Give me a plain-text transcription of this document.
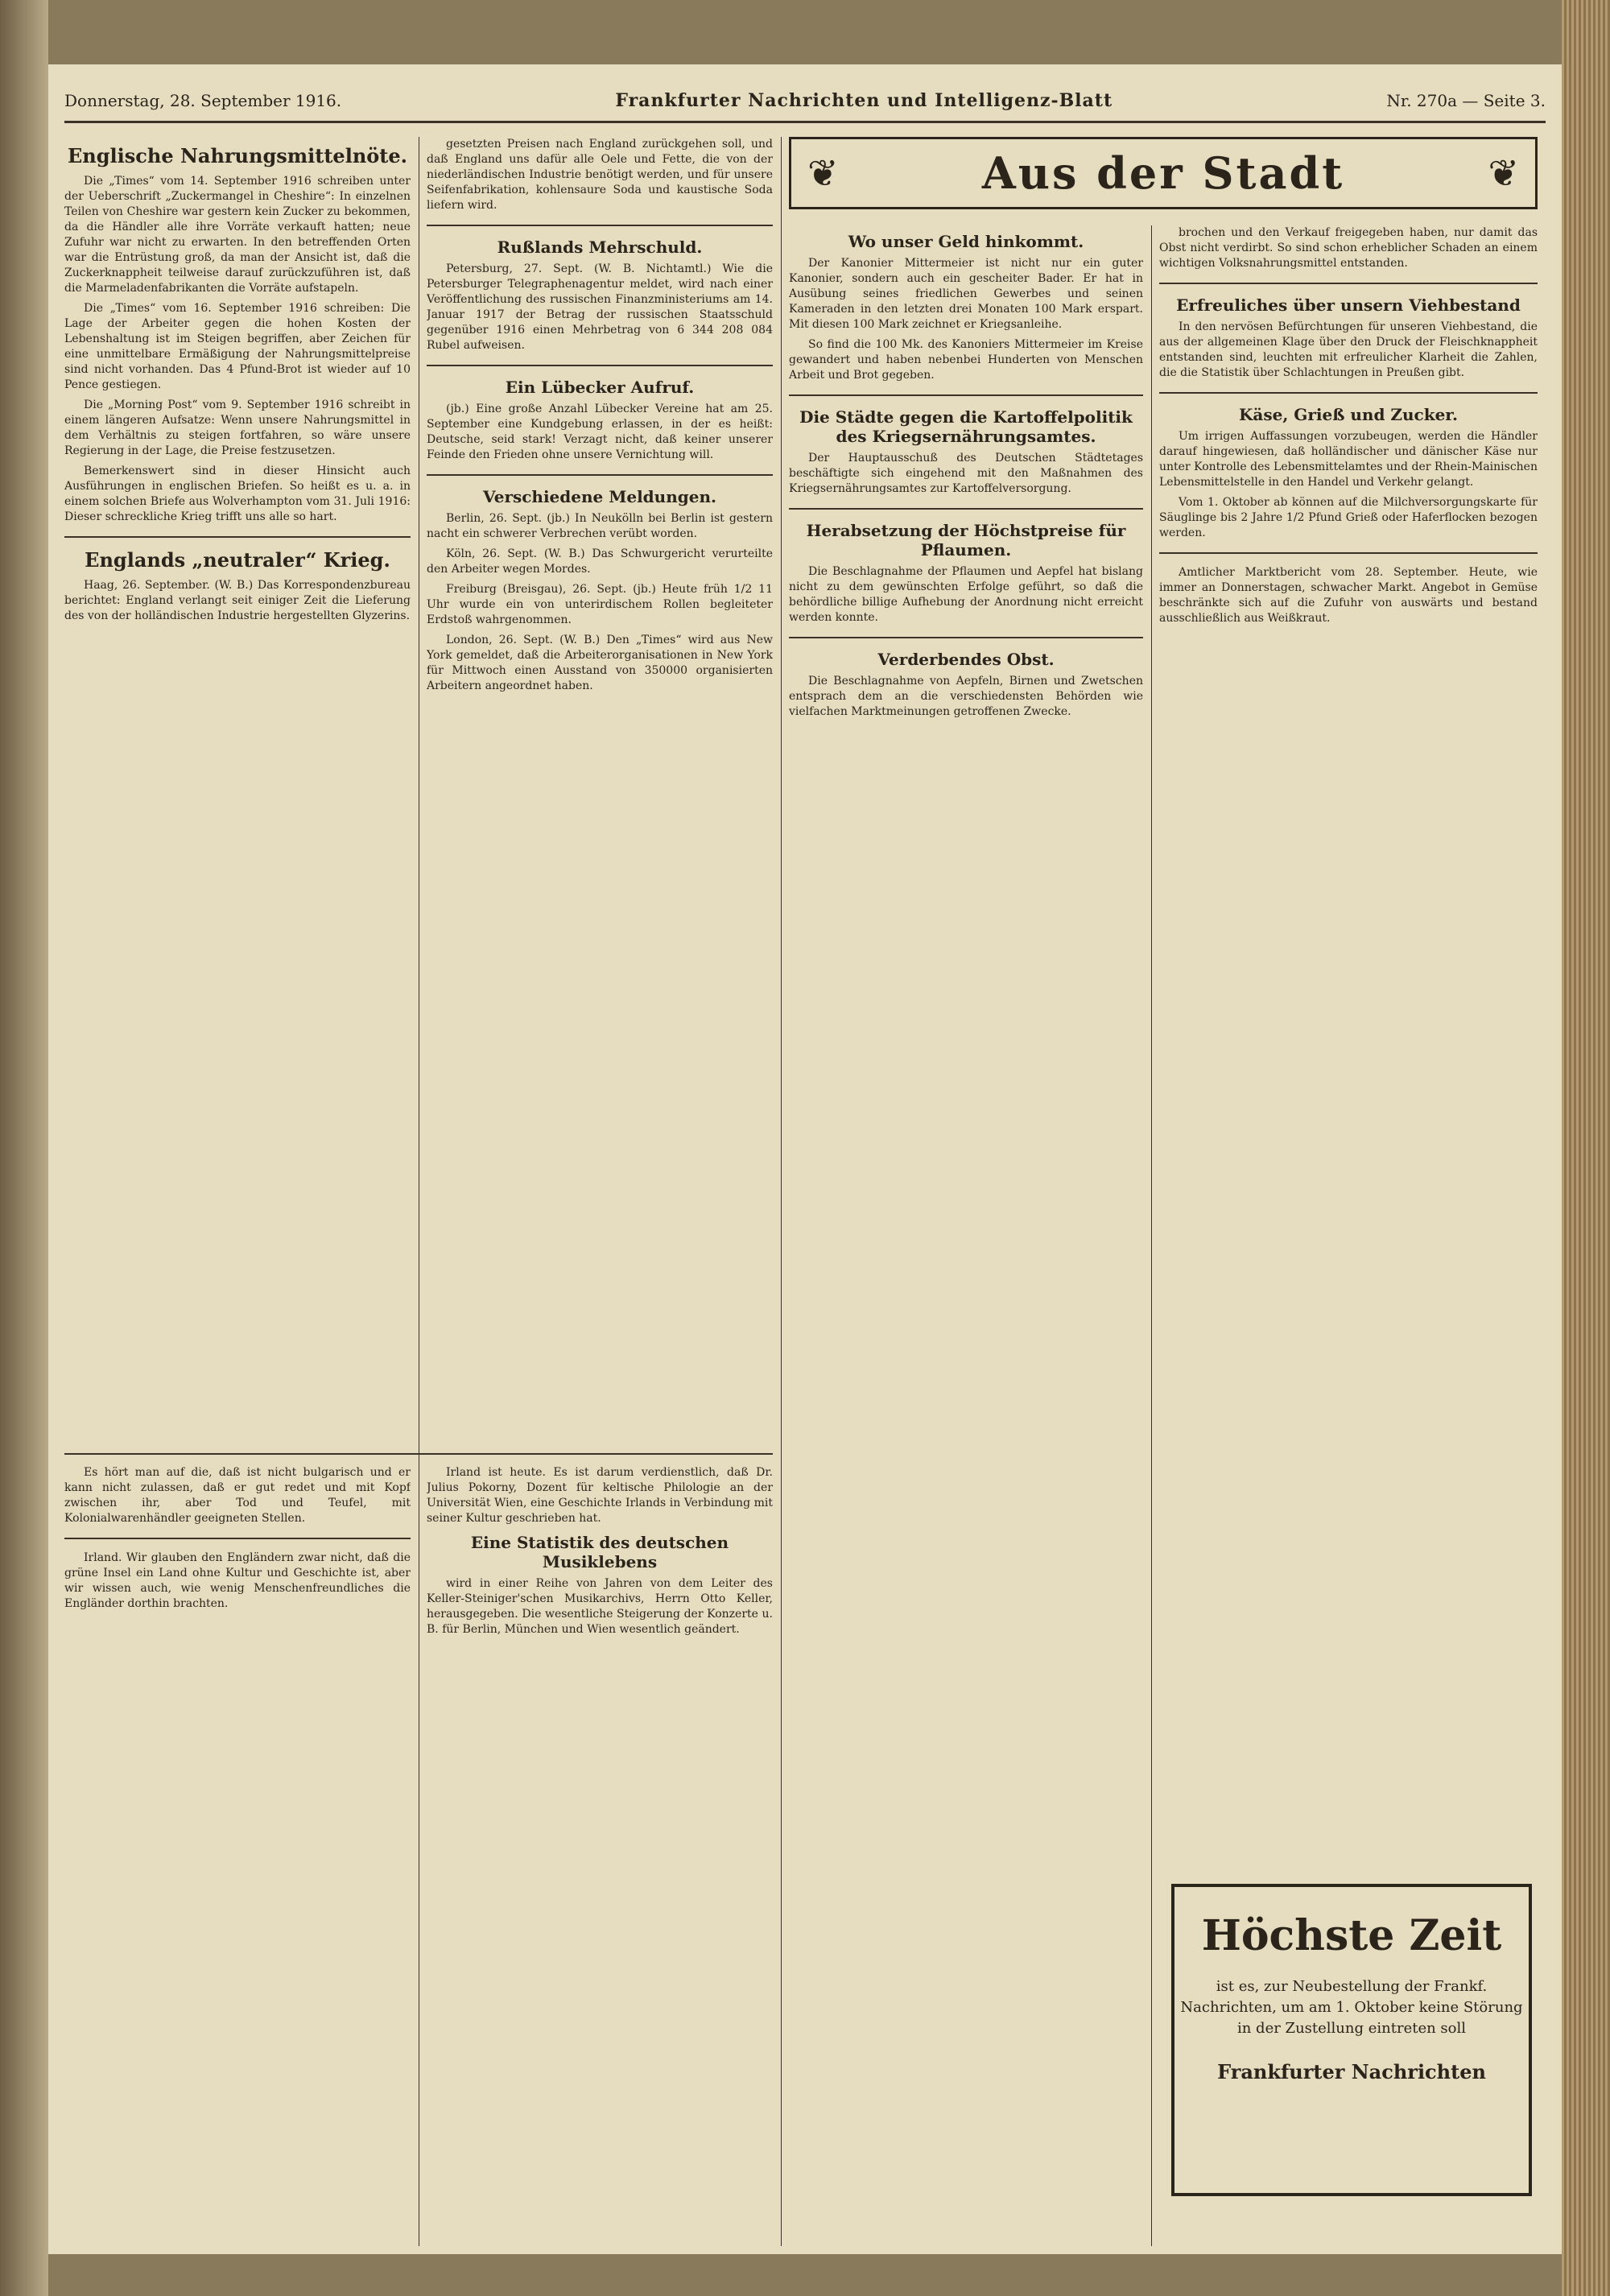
Donnerstag, 28. September 1916.	Frankfurter Nachrichten und Intelligenz-Blatt	Nr. 270a — Seite 3.
Englische Nahrungsmittelnöte.

Die „Times“ vom 14. September 1916 schreiben unter der Ueberschrift „Zuckermangel in Cheshire“: In einzelnen Teilen von Cheshire war gestern kein Zucker zu bekommen, da die Händler alle ihre Vorräte verkauft hatten; neue Zufuhr war nicht zu erwarten. In den betreffenden Orten war die Entrüstung groß, da man der Ansicht ist, daß die Zuckerknappheit teilweise darauf zurückzuführen ist, daß die Marmeladenfabrikanten die Vorräte aufstapeln.

Die „Times“ vom 16. September 1916 schreiben: Die Lage der Arbeiter gegen die hohen Kosten der Lebenshaltung ist im Steigen begriffen, aber Zeichen für eine unmittelbare Ermäßigung der Nahrungsmittelpreise sind nicht vorhanden. Das 4 Pfund-Brot ist wieder auf 10 Pence gestiegen.

Die „Morning Post“ vom 9. September 1916 schreibt in einem längeren Aufsatze: Wenn unsere Nahrungsmittel in dem Verhältnis zu steigen fortfahren, so wäre unsere Regierung in der Lage, die Preise festzusetzen.

Bemerkenswert sind in dieser Hinsicht auch Ausführungen in englischen Briefen. So heißt es u. a. in einem solchen Briefe aus Wolverhampton vom 31. Juli 1916: Dieser schreckliche Krieg trifft uns alle so hart.

Englands „neutraler“ Krieg.

Haag, 26. September. (W. B.) Das Korrespondenzbureau berichtet: England verlangt seit einiger Zeit die Lieferung des von der holländischen Industrie hergestellten Glyzerins.

gesetzten Preisen nach England zurückgehen soll, und daß England uns dafür alle Oele und Fette, die von der niederländischen Industrie benötigt werden, und für unsere Seifenfabrikation, kohlensaure Soda und kaustische Soda liefern wird.

Rußlands Mehrschuld.

Petersburg, 27. Sept. (W. B. Nichtamtl.) Wie die Petersburger Telegraphenagentur meldet, wird nach einer Veröffentlichung des russischen Finanzministeriums am 14. Januar 1917 der Betrag der russischen Staatsschuld gegenüber 1916 einen Mehrbetrag von 6 344 208 084 Rubel aufweisen.

Ein Lübecker Aufruf.

(jb.) Eine große Anzahl Lübecker Vereine hat am 25. September eine Kundgebung erlassen, in der es heißt: Deutsche, seid stark! Verzagt nicht, daß keiner unserer Feinde den Frieden ohne unsere Vernichtung will.

Verschiedene Meldungen.

Berlin, 26. Sept. (jb.) In Neukölln bei Berlin ist gestern nacht ein schwerer Verbrechen verübt worden.

Köln, 26. Sept. (W. B.) Das Schwurgericht verurteilte den Arbeiter wegen Mordes.

Freiburg (Breisgau), 26. Sept. (jb.) Heute früh 1/2 11 Uhr wurde ein von unterirdischem Rollen begleiteter Erdstoß wahrgenommen.

London, 26. Sept. (W. B.) Den „Times“ wird aus New York gemeldet, daß die Arbeiterorganisationen in New York für Mittwoch einen Ausstand von 350000 organisierten Arbeitern angeordnet haben.

Es hört man auf die, daß ist nicht bulgarisch und er kann nicht zulassen, daß er gut redet und mit Kopf zwischen ihr, aber Tod und Teufel, mit Kolonialwarenhändler geeigneten Stellen.

Irland. Wir glauben den Engländern zwar nicht, daß die grüne Insel ein Land ohne Kultur und Geschichte ist, aber wir wissen auch, wie wenig Menschenfreundliches die Engländer dorthin brachten.

Irland ist heute. Es ist darum verdienstlich, daß Dr. Julius Pokorny, Dozent für keltische Philologie an der Universität Wien, eine Geschichte Irlands in Verbindung mit seiner Kultur geschrieben hat.

Eine Statistik des deutschen Musiklebens

wird in einer Reihe von Jahren von dem Leiter des Keller-Steiniger'schen Musikarchivs, Herrn Otto Keller, herausgegeben. Die wesentliche Steigerung der Konzerte u. B. für Berlin, München und Wien wesentlich geändert.

❦	Aus der Stadt	❦
Wo unser Geld hinkommt.

Der Kanonier Mittermeier ist nicht nur ein guter Kanonier, sondern auch ein gescheiter Bader. Er hat in Ausübung seines friedlichen Gewerbes und seinen Kameraden in den letzten drei Monaten 100 Mark erspart. Mit diesen 100 Mark zeichnet er Kriegsanleihe.

So find die 100 Mk. des Kanoniers Mittermeier im Kreise gewandert und haben nebenbei Hunderten von Menschen Arbeit und Brot gegeben.

Die Städte gegen die Kartoffelpolitik des Kriegsernährungsamtes.

Der Hauptausschuß des Deutschen Städtetages beschäftigte sich eingehend mit den Maßnahmen des Kriegsernährungsamtes zur Kartoffelversorgung.

Herabsetzung der Höchstpreise für Pflaumen.

Die Beschlagnahme der Pflaumen und Aepfel hat bislang nicht zu dem gewünschten Erfolge geführt, so daß die behördliche billige Aufhebung der Anordnung nicht erreicht werden konnte.

Verderbendes Obst.

Die Beschlagnahme von Aepfeln, Birnen und Zwetschen entsprach dem an die verschiedensten Behörden wie vielfachen Marktmeinungen getroffenen Zwecke.

brochen und den Verkauf freigegeben haben, nur damit das Obst nicht verdirbt. So sind schon erheblicher Schaden an einem wichtigen Volksnahrungsmittel entstanden.

Erfreuliches über unsern Viehbestand

In den nervösen Befürchtungen für unseren Viehbestand, die aus der allgemeinen Klage über den Druck der Fleischknappheit entstanden sind, leuchten mit erfreulicher Klarheit die Zahlen, die die Statistik über Schlachtungen in Preußen gibt.

Käse, Grieß und Zucker.

Um irrigen Auffassungen vorzubeugen, werden die Händler darauf hingewiesen, daß holländischer und dänischer Käse nur unter Kontrolle des Lebensmittelamtes und der Rhein-Mainischen Lebensmittelstelle in den Handel und Verkehr gelangt.

Vom 1. Oktober ab können auf die Milchversorgungskarte für Säuglinge bis 2 Jahre 1/2 Pfund Grieß oder Haferflocken bezogen werden.

Amtlicher Marktbericht vom 28. September. Heute, wie immer an Donnerstagen, schwacher Markt. Angebot in Gemüse beschränkte sich auf die Zufuhr von auswärts und bestand ausschließlich aus Weißkraut.

Höchste Zeit
ist es, zur Neubestellung der Frankf. Nachrichten, um am 1. Oktober keine Störung in der Zustellung eintreten soll
Frankfurter Nachrichten
